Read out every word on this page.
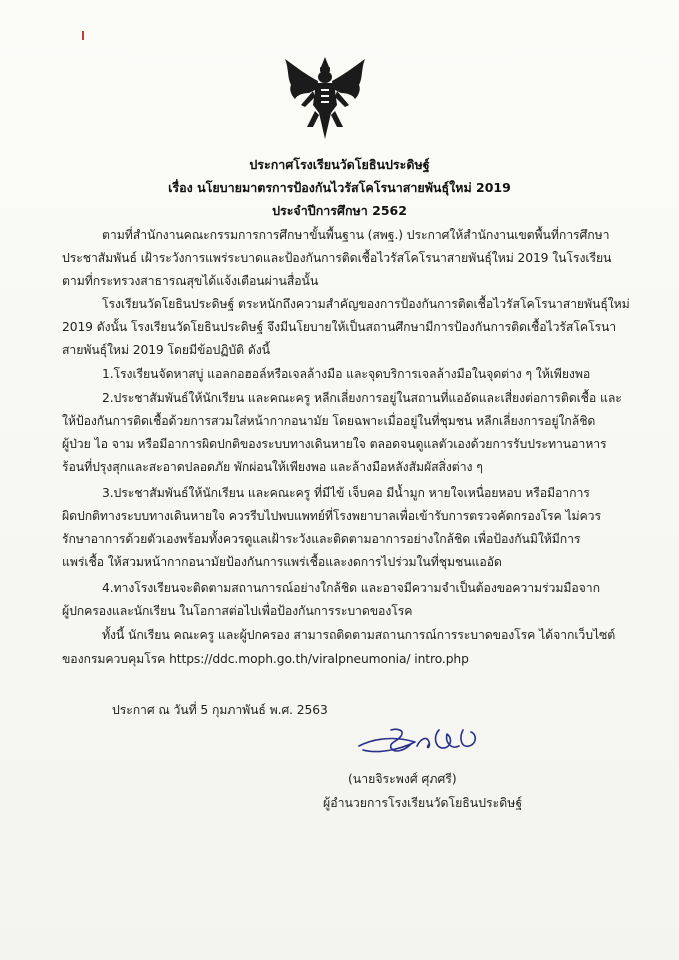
ประกาศโรงเรียนวัดโยธินประดิษฐ์
เรื่อง นโยบายมาตรการป้องกันไวรัสโคโรนาสายพันธุ์ใหม่ 2019
ประจำปีการศึกษา 2562
ตามที่สำนักงานคณะกรรมการการศึกษาขั้นพื้นฐาน (สพฐ.) ประกาศให้สำนักงานเขตพื้นที่การศึกษา
ประชาสัมพันธ์ เฝ้าระวังการแพร่ระบาดและป้องกันการติดเชื้อไวรัสโคโรนาสายพันธุ์ใหม่ 2019 ในโรงเรียน
ตามที่กระทรวงสาธารณสุขได้แจ้งเตือนผ่านสื่อนั้น
โรงเรียนวัดโยธินประดิษฐ์ ตระหนักถึงความสำคัญของการป้องกันการติดเชื้อไวรัสโคโรนาสายพันธุ์ใหม่
2019 ดังนั้น โรงเรียนวัดโยธินประดิษฐ์ จึงมีนโยบายให้เป็นสถานศึกษามีการป้องกันการติดเชื้อไวรัสโคโรนา
สายพันธุ์ใหม่ 2019 โดยมีข้อปฏิบัติ ดังนี้
1.โรงเรียนจัดหาสบู่ แอลกอฮอล์หรือเจลล้างมือ และจุดบริการเจลล้างมือในจุดต่าง ๆ ให้เพียงพอ
2.ประชาสัมพันธ์ให้นักเรียน และคณะครู หลีกเลี่ยงการอยู่ในสถานที่แออัดและเสี่ยงต่อการติดเชื้อ และ
ให้ป้องกันการติดเชื้อด้วยการสวมใส่หน้ากากอนามัย โดยฉพาะเมื่ออยู่ในที่ชุมชน หลีกเลี่ยงการอยู่ใกล้ชิด
ผู้ป่วย ไอ จาม หรือมีอาการผิดปกติของระบบทางเดินหายใจ ตลอดจนดูแลตัวเองด้วยการรับประทานอาหาร
ร้อนที่ปรุงสุกและสะอาดปลอดภัย พักผ่อนให้เพียงพอ และล้างมือหลังสัมผัสสิ่งต่าง ๆ
3.ประชาสัมพันธ์ให้นักเรียน และคณะครู ที่มีไข้ เจ็บคอ มีน้ำมูก หายใจเหนื่อยหอบ หรือมีอาการ
ผิดปกติทางระบบทางเดินหายใจ ควรรีบไปพบแพทย์ที่โรงพยาบาลเพื่อเข้ารับการตรวจคัดกรองโรค ไม่ควร
รักษาอาการด้วยตัวเองพร้อมทั้งควรดูแลเฝ้าระวังและติดตามอาการอย่างใกล้ชิด เพื่อป้องกันมิให้มีการ
แพร่เชื้อ ให้สวมหน้ากากอนามัยป้องกันการแพร่เชื้อและงดการไปร่วมในที่ชุมชนแออัด
4.ทางโรงเรียนจะติดตามสถานการณ์อย่างใกล้ชิด และอาจมีความจำเป็นต้องขอความร่วมมือจาก
ผู้ปกครองและนักเรียน ในโอกาสต่อไปเพื่อป้องกันการระบาดของโรค
ทั้งนี้ นักเรียน คณะครู และผู้ปกครอง สามารถติดตามสถานการณ์การระบาดของโรค ได้จากเว็บไซต์
ของกรมควบคุมโรค https://ddc.moph.go.th/viralpneumonia/ intro.php
ประกาศ ณ วันที่ 5 กุมภาพันธ์ พ.ศ. 2563
(นายจิระพงศ์ ศุภศรี)
ผู้อำนวยการโรงเรียนวัดโยธินประดิษฐ์
